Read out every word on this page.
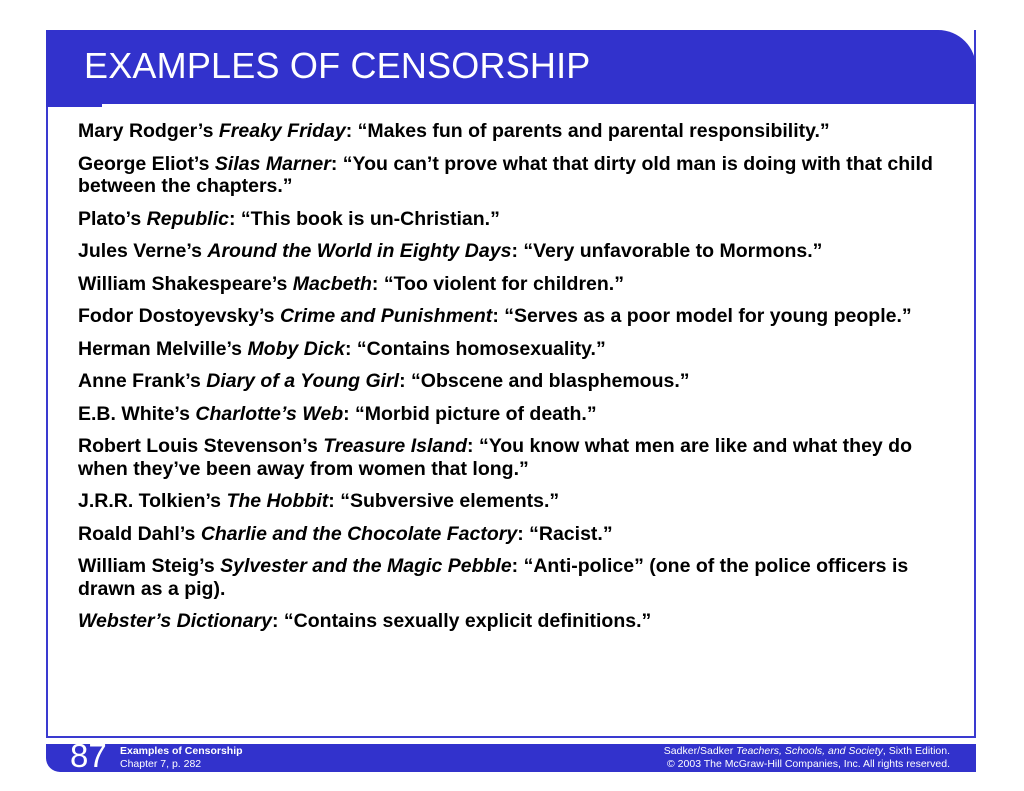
EXAMPLES OF CENSORSHIP

Mary Rodger’s Freaky Friday: “Makes fun of parents and parental responsibility.”

George Eliot’s Silas Marner: “You can’t prove what that dirty old man is doing with that child between the chapters.”

Plato’s Republic: “This book is un-Christian.”

Jules Verne’s Around the World in Eighty Days: “Very unfavorable to Mormons.”

William Shakespeare’s Macbeth: “Too violent for children.”

Fodor Dostoyevsky’s Crime and Punishment: “Serves as a poor model for young people.”

Herman Melville’s Moby Dick: “Contains homosexuality.”

Anne Frank’s Diary of a Young Girl: “Obscene and blasphemous.”

E.B. White’s Charlotte’s Web: “Morbid picture of death.”

Robert Louis Stevenson’s Treasure Island: “You know what men are like and what they do when they’ve been away from women that long.”

J.R.R. Tolkien’s The Hobbit: “Subversive elements.”

Roald Dahl’s Charlie and the Chocolate Factory: “Racist.”

William Steig’s Sylvester and the Magic Pebble: “Anti-police” (one of the police officers is drawn as a pig).

Webster’s Dictionary: “Contains sexually explicit definitions.”

87 Examples of Censorship
Chapter 7, p. 282
Sadker/Sadker Teachers, Schools, and Society, Sixth Edition.
© 2003 The McGraw-Hill Companies, Inc. All rights reserved.
